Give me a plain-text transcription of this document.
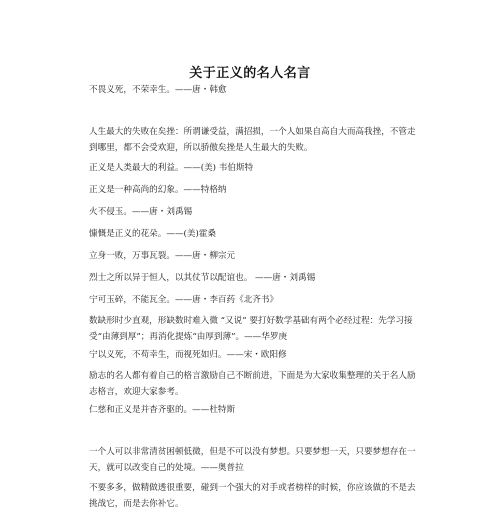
关于正义的名人名言
不畏义死，不荣幸生。——唐・韩愈
人生最大的失败在矣挫：所谓谦受益，满招损，一个人如果自高自大而高我挫，不管走到哪里，都不会受欢迎，所以骄傲矣挫是人生最大的失败。
正义是人类最大的利益。——(美) 韦伯斯特
正义是一种高尚的幻象。——特格纳
火不侵玉。——唐・刘禹锡
慷慨是正义的花朵。——(美)霍桑
立身一败，万事瓦裂。——唐・柳宗元
烈士之所以异于恒人，以其仗节以配谊也。 ——唐・刘禹锡
宁可玉碎，不能瓦全。——唐・李百药《北齐书》
数缺形时少直观，形缺数时难入微 “又说” 要打好数学基础有两个必经过程：先学习接受“由薄到厚”；再消化提炼“由厚到薄”。——华罗庚
宁以义死，不苟幸生，而视死如归。——宋・欧阳修
励志的名人都有着自己的格言激励自己不断前进，下面是为大家收集整理的关于名人励志格言，欢迎大家参考。
仁慈和正义是并杳齐驱的。——杜特斯
一个人可以非常清贫困顿低微，但是不可以没有梦想。只要梦想一天，只要梦想存在一天，就可以改变自己的处境。——奥普拉
不要多多，做精做透很重要，碰到一个强大的对手或者榜样的时候，你应该做的不是去挑战它，而是去你补它。
